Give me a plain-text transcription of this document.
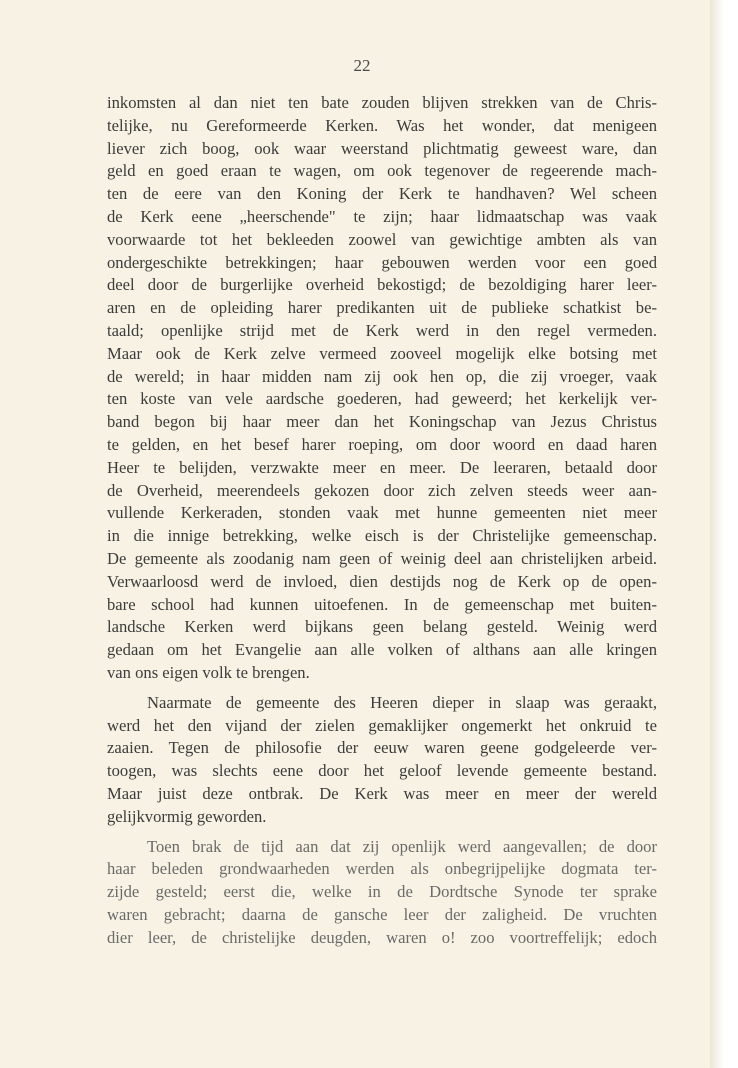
22
inkomsten al dan niet ten bate zouden blijven strekken van de Chris-
telijke, nu Gereformeerde Kerken. Was het wonder, dat menigeen
liever zich boog, ook waar weerstand plichtmatig geweest ware, dan
geld en goed eraan te wagen, om ook tegenover de regeerende mach-
ten de eere van den Koning der Kerk te handhaven? Wel scheen
de Kerk eene „heerschende" te zijn; haar lidmaatschap was vaak
voorwaarde tot het bekleeden zoowel van gewichtige ambten als van
ondergeschikte betrekkingen; haar gebouwen werden voor een goed
deel door de burgerlijke overheid bekostigd; de bezoldiging harer leer-
aren en de opleiding harer predikanten uit de publieke schatkist be-
taald; openlijke strijd met de Kerk werd in den regel vermeden.
Maar ook de Kerk zelve vermeed zooveel mogelijk elke botsing met
de wereld; in haar midden nam zij ook hen op, die zij vroeger, vaak
ten koste van vele aardsche goederen, had geweerd; het kerkelijk ver-
band begon bij haar meer dan het Koningschap van Jezus Christus
te gelden, en het besef harer roeping, om door woord en daad haren
Heer te belijden, verzwakte meer en meer. De leeraren, betaald door
de Overheid, meerendeels gekozen door zich zelven steeds weer aan-
vullende Kerkeraden, stonden vaak met hunne gemeenten niet meer
in die innige betrekking, welke eisch is der Christelijke gemeenschap.
De gemeente als zoodanig nam geen of weinig deel aan christelijken arbeid.
Verwaarloosd werd de invloed, dien destijds nog de Kerk op de open-
bare school had kunnen uitoefenen. In de gemeenschap met buiten-
landsche Kerken werd bijkans geen belang gesteld. Weinig werd
gedaan om het Evangelie aan alle volken of althans aan alle kringen
van ons eigen volk te brengen.
Naarmate de gemeente des Heeren dieper in slaap was geraakt,
werd het den vijand der zielen gemaklijker ongemerkt het onkruid te
zaaien. Tegen de philosofie der eeuw waren geene godgeleerde ver-
toogen, was slechts eene door het geloof levende gemeente bestand.
Maar juist deze ontbrak. De Kerk was meer en meer der wereld
gelijkvormig geworden.
Toen brak de tijd aan dat zij openlijk werd aangevallen; de door
haar beleden grondwaarheden werden als onbegrijpelijke dogmata ter-
zijde gesteld; eerst die, welke in de Dordtsche Synode ter sprake
waren gebracht; daarna de gansche leer der zaligheid. De vruchten
dier leer, de christelijke deugden, waren o! zoo voortreffelijk; edoch
